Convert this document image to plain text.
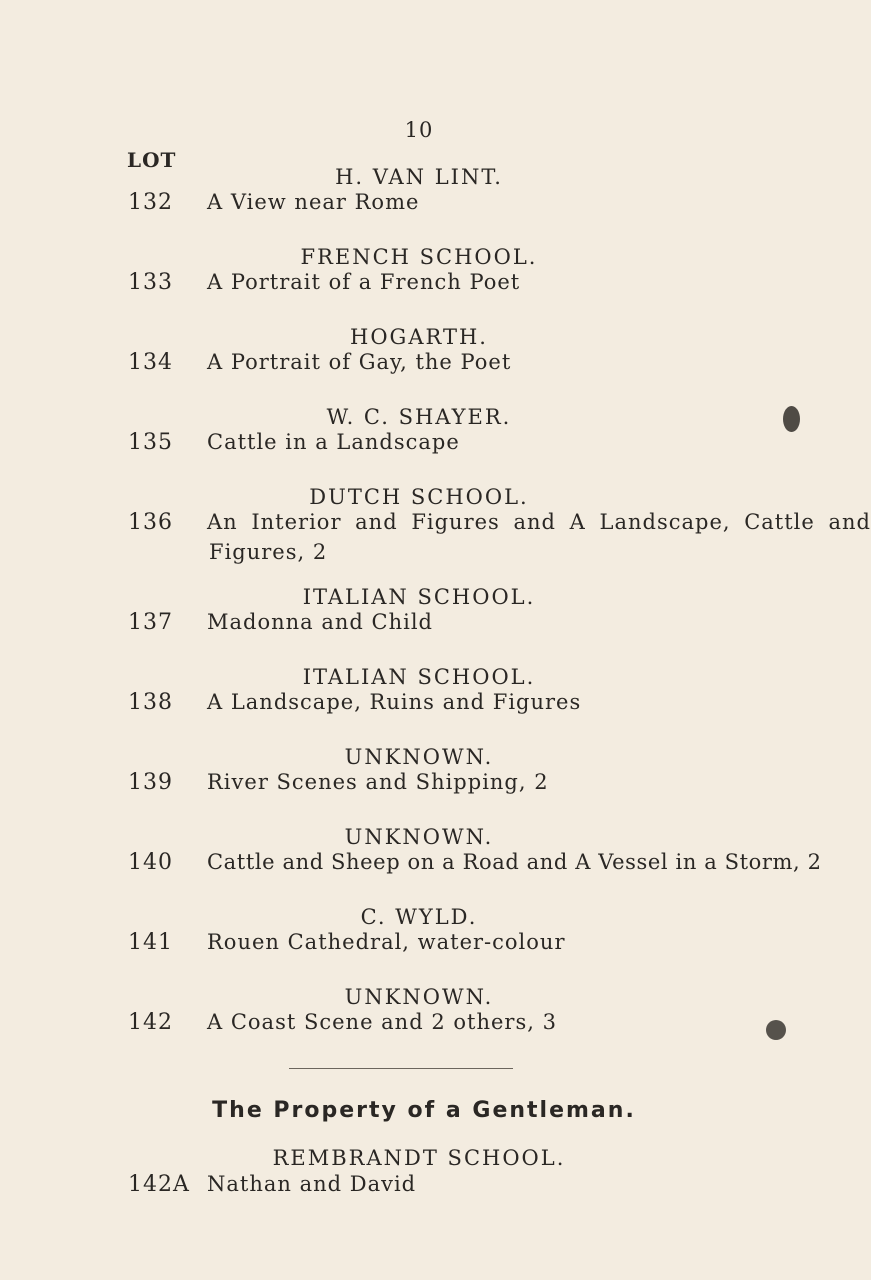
10
LOT
H. VAN LINT.
132 A View near Rome
FRENCH SCHOOL.
133 A Portrait of a French Poet
HOGARTH.
134 A Portrait of Gay, the Poet
W. C. SHAYER.
135 Cattle in a Landscape
DUTCH SCHOOL.
136 An Interior and Figures and A Landscape, Cattle and
Figures, 2
ITALIAN SCHOOL.
137 Madonna and Child
ITALIAN SCHOOL.
138 A Landscape, Ruins and Figures
UNKNOWN.
139 River Scenes and Shipping, 2
UNKNOWN.
140 Cattle and Sheep on a Road and A Vessel in a Storm, 2
C. WYLD.
141 Rouen Cathedral, water-colour
UNKNOWN.
142 A Coast Scene and 2 others, 3
The Property of a Gentleman.
REMBRANDT SCHOOL.
142A Nathan and David
